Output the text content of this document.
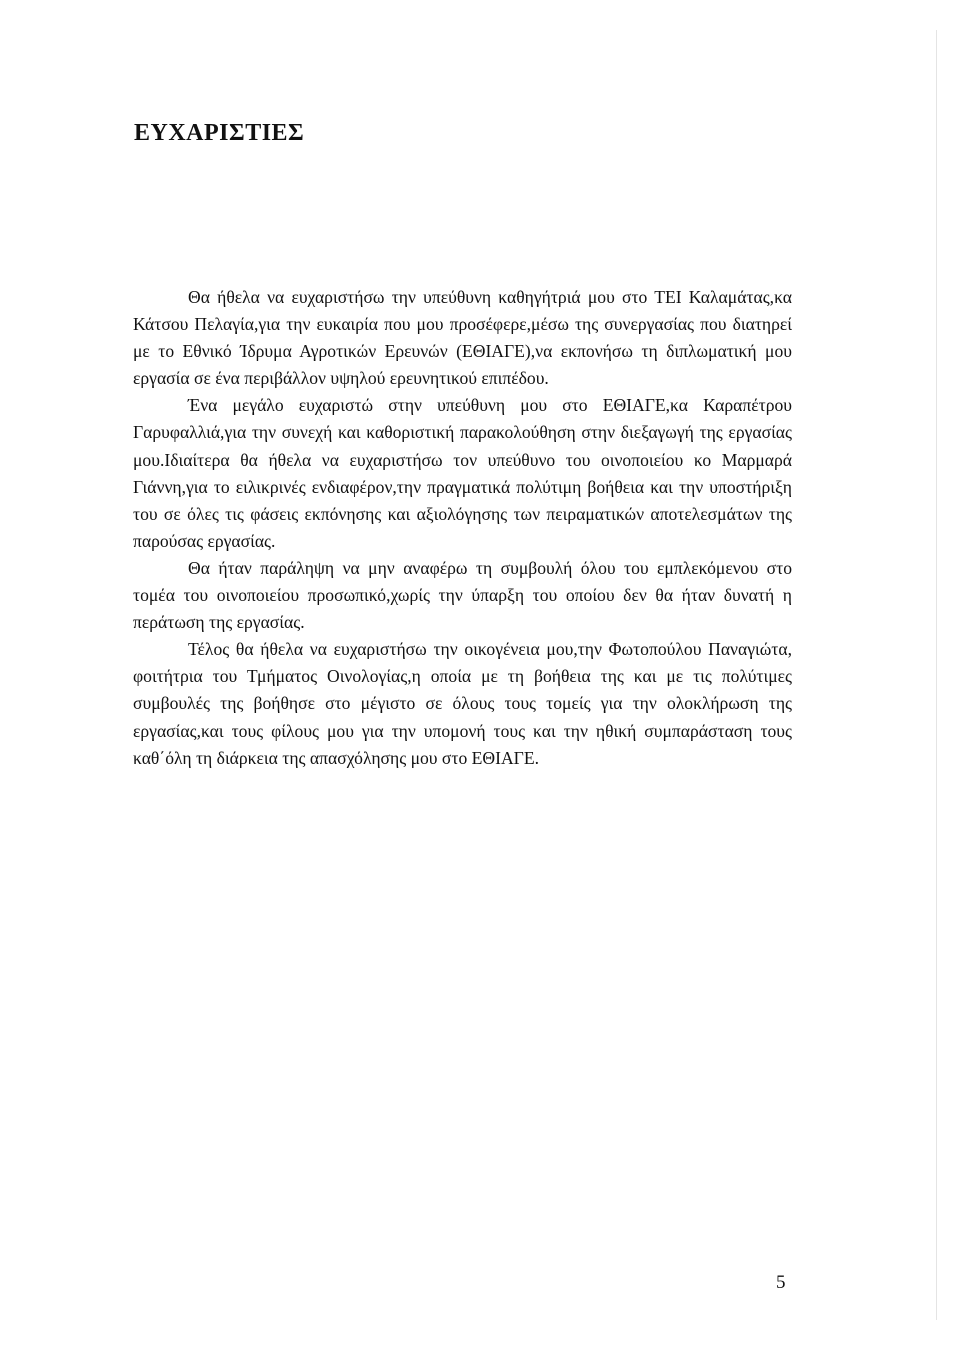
ΕΥΧΑΡΙΣΤΙΕΣ

Θα ήθελα να ευχαριστήσω την υπεύθυνη καθηγήτριά μου στο ΤΕΙ Καλαμάτας,κα Κάτσου Πελαγία,για την ευκαιρία που μου προσέφερε,μέσω της συνεργασίας που διατηρεί με το Εθνικό Ίδρυμα Αγροτικών Ερευνών (ΕΘΙΑΓΕ),να εκπονήσω τη διπλωματική μου εργασία σε ένα περιβάλλον υψηλού ερευνητικού επιπέδου.

Ένα μεγάλο ευχαριστώ στην υπεύθυνη μου στο ΕΘΙΑΓΕ,κα Καραπέτρου Γαρυφαλλιά,για την συνεχή και καθοριστική παρακολούθηση στην διεξαγωγή της εργασίας μου.Ιδιαίτερα θα ήθελα να ευχαριστήσω τον υπεύθυνο του οινοποιείου κο Μαρμαρά Γιάννη,για το ειλικρινές ενδιαφέρον,την πραγματικά πολύτιμη βοήθεια και την υποστήριξη του σε όλες τις φάσεις εκπόνησης και αξιολόγησης των πειραματικών αποτελεσμάτων της παρούσας εργασίας.

Θα ήταν παράληψη να μην αναφέρω τη συμβουλή όλου του εμπλεκόμενου στο τομέα του οινοποιείου προσωπικό,χωρίς την ύπαρξη του οποίου δεν θα ήταν δυνατή η περάτωση της εργασίας.

Τέλος θα ήθελα να ευχαριστήσω την οικογένεια μου,την Φωτοπούλου Παναγιώτα, φοιτήτρια του Τμήματος Οινολογίας,η οποία με τη βοήθεια της και με τις πολύτιμες συμβουλές της βοήθησε στο μέγιστο σε όλους τους τομείς για την ολοκλήρωση της εργασίας,και τους φίλους μου για την υπομονή τους και την ηθική συμπαράσταση τους καθ΄όλη τη διάρκεια της απασχόλησης μου στο ΕΘΙΑΓΕ.

5
